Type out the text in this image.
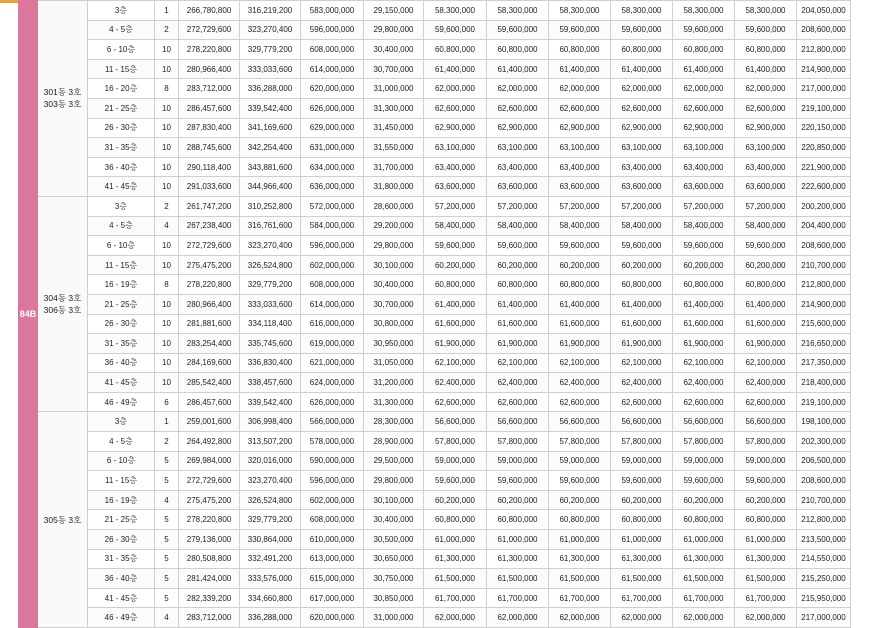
84B	301동 3호
303동 3호	3층	1	266,780,800	316,219,200	583,000,000	29,150,000	58,300,000	58,300,000	58,300,000	58,300,000	58,300,000	58,300,000	204,050,000
		4 - 5층	2	272,729,600	323,270,400	596,000,000	29,800,000	59,600,000	59,600,000	59,600,000	59,600,000	59,600,000	59,600,000	208,600,000
		6 - 10층	10	278,220,800	329,779,200	608,000,000	30,400,000	60,800,000	60,800,000	60,800,000	60,800,000	60,800,000	60,800,000	212,800,000
		11 - 15층	10	280,966,400	333,033,600	614,000,000	30,700,000	61,400,000	61,400,000	61,400,000	61,400,000	61,400,000	61,400,000	214,900,000
		16 - 20층	8	283,712,000	336,288,000	620,000,000	31,000,000	62,000,000	62,000,000	62,000,000	62,000,000	62,000,000	62,000,000	217,000,000
		21 - 25층	10	286,457,600	339,542,400	626,000,000	31,300,000	62,600,000	62,600,000	62,600,000	62,600,000	62,600,000	62,600,000	219,100,000
		26 - 30층	10	287,830,400	341,169,600	629,000,000	31,450,000	62,900,000	62,900,000	62,900,000	62,900,000	62,900,000	62,900,000	220,150,000
		31 - 35층	10	288,745,600	342,254,400	631,000,000	31,550,000	63,100,000	63,100,000	63,100,000	63,100,000	63,100,000	63,100,000	220,850,000
		36 - 40층	10	290,118,400	343,881,600	634,000,000	31,700,000	63,400,000	63,400,000	63,400,000	63,400,000	63,400,000	63,400,000	221,900,000
		41 - 45층	10	291,033,600	344,966,400	636,000,000	31,800,000	63,600,000	63,600,000	63,600,000	63,600,000	63,600,000	63,600,000	222,600,000
	304동 3호
306동 3호	3층	2	261,747,200	310,252,800	572,000,000	28,600,000	57,200,000	57,200,000	57,200,000	57,200,000	57,200,000	57,200,000	200,200,000
		4 - 5층	4	267,238,400	316,761,600	584,000,000	29,200,000	58,400,000	58,400,000	58,400,000	58,400,000	58,400,000	58,400,000	204,400,000
		6 - 10층	10	272,729,600	323,270,400	596,000,000	29,800,000	59,600,000	59,600,000	59,600,000	59,600,000	59,600,000	59,600,000	208,600,000
		11 - 15층	10	275,475,200	326,524,800	602,000,000	30,100,000	60,200,000	60,200,000	60,200,000	60,200,000	60,200,000	60,200,000	210,700,000
		16 - 19층	8	278,220,800	329,779,200	608,000,000	30,400,000	60,800,000	60,800,000	60,800,000	60,800,000	60,800,000	60,800,000	212,800,000
		21 - 25층	10	280,966,400	333,033,600	614,000,000	30,700,000	61,400,000	61,400,000	61,400,000	61,400,000	61,400,000	61,400,000	214,900,000
		26 - 30층	10	281,881,600	334,118,400	616,000,000	30,800,000	61,600,000	61,600,000	61,600,000	61,600,000	61,600,000	61,600,000	215,600,000
		31 - 35층	10	283,254,400	335,745,600	619,000,000	30,950,000	61,900,000	61,900,000	61,900,000	61,900,000	61,900,000	61,900,000	216,650,000
		36 - 40층	10	284,169,600	336,830,400	621,000,000	31,050,000	62,100,000	62,100,000	62,100,000	62,100,000	62,100,000	62,100,000	217,350,000
		41 - 45층	10	285,542,400	338,457,600	624,000,000	31,200,000	62,400,000	62,400,000	62,400,000	62,400,000	62,400,000	62,400,000	218,400,000
		46 - 49층	6	286,457,600	339,542,400	626,000,000	31,300,000	62,600,000	62,600,000	62,600,000	62,600,000	62,600,000	62,600,000	219,100,000
	305동 3호	3층	1	259,001,600	306,998,400	566,000,000	28,300,000	56,600,000	56,600,000	56,600,000	56,600,000	56,600,000	56,600,000	198,100,000
		4 - 5층	2	264,492,800	313,507,200	578,000,000	28,900,000	57,800,000	57,800,000	57,800,000	57,800,000	57,800,000	57,800,000	202,300,000
		6 - 10층	5	269,984,000	320,016,000	590,000,000	29,500,000	59,000,000	59,000,000	59,000,000	59,000,000	59,000,000	59,000,000	206,500,000
		11 - 15층	5	272,729,600	323,270,400	596,000,000	29,800,000	59,600,000	59,600,000	59,600,000	59,600,000	59,600,000	59,600,000	208,600,000
		16 - 19층	4	275,475,200	326,524,800	602,000,000	30,100,000	60,200,000	60,200,000	60,200,000	60,200,000	60,200,000	60,200,000	210,700,000
		21 - 25층	5	278,220,800	329,779,200	608,000,000	30,400,000	60,800,000	60,800,000	60,800,000	60,800,000	60,800,000	60,800,000	212,800,000
		26 - 30층	5	279,136,000	330,864,000	610,000,000	30,500,000	61,000,000	61,000,000	61,000,000	61,000,000	61,000,000	61,000,000	213,500,000
		31 - 35층	5	280,508,800	332,491,200	613,000,000	30,650,000	61,300,000	61,300,000	61,300,000	61,300,000	61,300,000	61,300,000	214,550,000
		36 - 40층	5	281,424,000	333,576,000	615,000,000	30,750,000	61,500,000	61,500,000	61,500,000	61,500,000	61,500,000	61,500,000	215,250,000
		41 - 45층	5	282,339,200	334,660,800	617,000,000	30,850,000	61,700,000	61,700,000	61,700,000	61,700,000	61,700,000	61,700,000	215,950,000
		46 - 49층	4	283,712,000	336,288,000	620,000,000	31,000,000	62,000,000	62,000,000	62,000,000	62,000,000	62,000,000	62,000,000	217,000,000
